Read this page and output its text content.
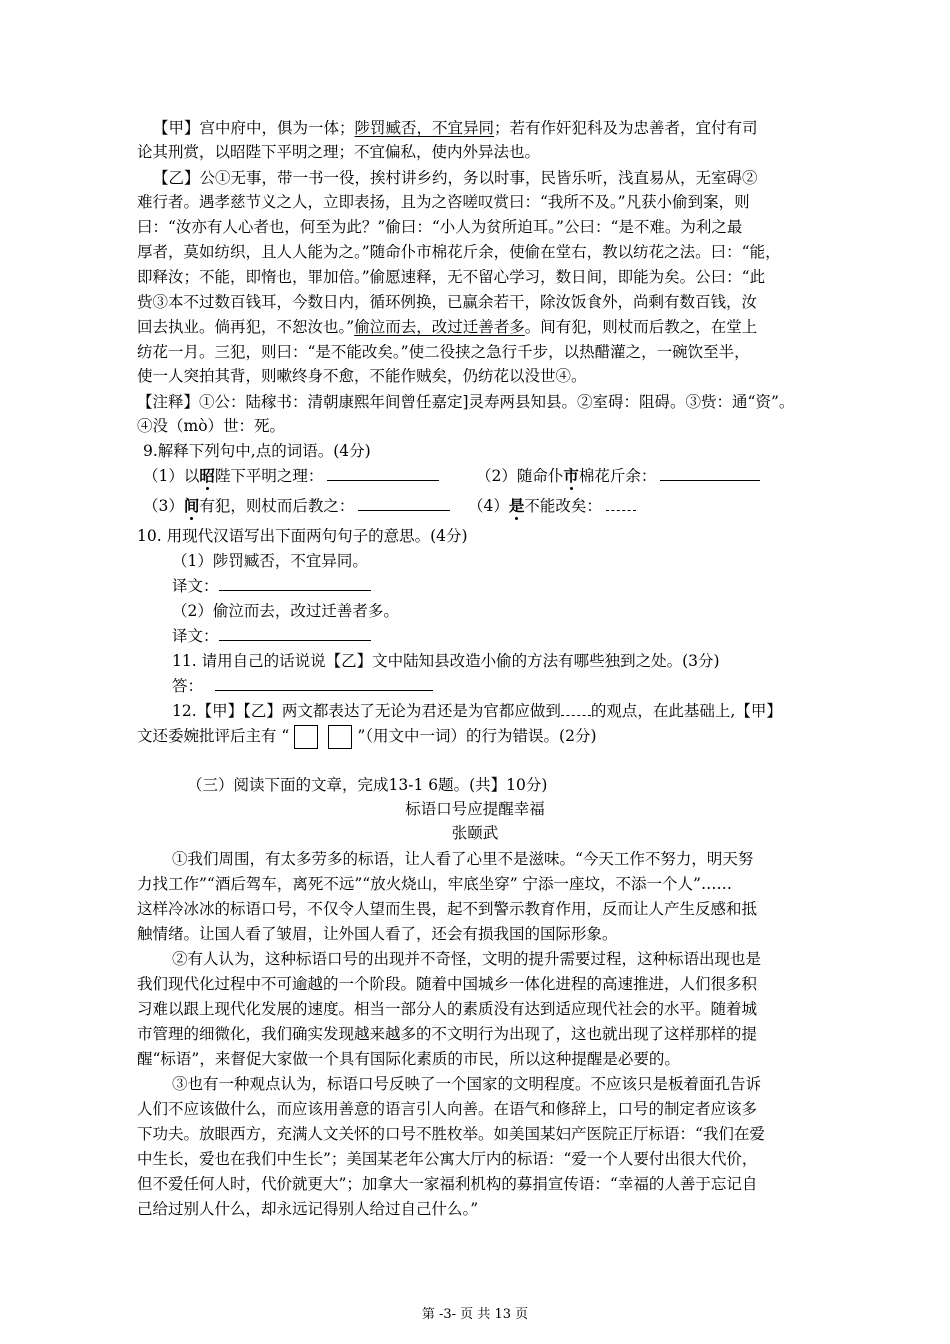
【甲】宫中府中，俱为一体；陟罚臧否，不宜异同；若有作奸犯科及为忠善者，宜付有司
论其刑赏，以昭陛下平明之理；不宜偏私，使内外异法也。
【乙】公①无事，带一书一役，挨村讲乡约，务以时事，民皆乐听，浅直易从，无室碍②
难行者。遇孝慈节义之人，立即表扬，且为之咨嗟叹赏曰：“我所不及。”凡获小偷到案，则
曰：“汝亦有人心者也，何至为此？”偷曰：“小人为贫所迫耳。”公曰：“是不难。为利之最
厚者，莫如纺织，且人人能为之。”随命仆市棉花斤余，使偷在堂右，教以纺花之法。曰：“能，
即释汝；不能，即惰也，罪加倍。”偷愿速释，无不留心学习，数日间，即能为矣。公曰：“此
赀③本不过数百钱耳，今数日内，循环例换，已赢余若干，除汝饭食外，尚剩有数百钱，汝
回去执业。倘再犯，不恕汝也。”偷泣而去，改过迁善者多。间有犯，则杖而后教之，在堂上
纺花一月。三犯，则曰：“是不能改矣。”使二役挟之急行千步，以热醋灌之，一碗饮至半，
使一人突拍其背，则嗽终身不愈，不能作贼矣，仍纺花以没世④。
【注释】①公：陆稼书：清朝康熙年间曾任嘉定]灵寿两县知县。②室碍：阻碍。③赀：通“资”。
④没（mò）世：死。
9.解释下列句中,点的词语。(4分)
（1）以昭陛下平明之理：	（2）随命仆市棉花斤余：
（3）间有犯，则杖而后教之：	（4）是不能改矣：
10. 用现代汉语写出下面两句句子的意思。(4分)
（1）陟罚臧否，不宜异同。
译文：
（2）偷泣而去，改过迁善者多。
译文：
11. 请用自己的话说说【乙】文中陆知县改造小偷的方法有哪些独到之处。(3分)
答：
12.【甲】【乙】两文都表达了无论为君还是为官都应做到 的观点，在此基础上,【甲】
文还委婉批评后主有 “	”（用文中一词）的行为错误。(2分)
（三）阅读下面的文章，完成13-1 6题。(共】10分)
标语口号应提醒幸福
张颐武
①我们周围，有太多劳多的标语，让人看了心里不是滋味。“今天工作不努力，明天努
力找工作”“酒后驾车，离死不远”“放火烧山，牢底坐穿” 宁添一座坟，不添一个人”……
这样冷冰冰的标语口号，不仅令人望而生畏，起不到警示教育作用，反而让人产生反感和抵
触情绪。让国人看了皱眉，让外国人看了，还会有损我国的国际形象。
②有人认为，这种标语口号的出现并不奇怪，文明的提升需要过程，这种标语出现也是
我们现代化过程中不可逾越的一个阶段。随着中国城乡一体化进程的高速推进，人们很多积
习难以跟上现代化发展的速度。相当一部分人的素质没有达到适应现代社会的水平。随着城
市管理的细微化，我们确实发现越来越多的不文明行为出现了，这也就出现了这样那样的提
醒“标语”，来督促大家做一个具有国际化素质的市民，所以这种提醒是必要的。
③也有一种观点认为，标语口号反映了一个国家的文明程度。不应该只是板着面孔告诉
人们不应该做什么，而应该用善意的语言引人向善。在语气和修辞上，口号的制定者应该多
下功夫。放眼西方，充满人文关怀的口号不胜枚举。如美国某妇产医院正厅标语：“我们在爱
中生长，爱也在我们中生长”；美国某老年公寓大厅内的标语：“爱一个人要付出很大代价，
但不爱任何人时，代价就更大”；加拿大一家福利机构的募捐宣传语：“幸福的人善于忘记自
己给过别人什么，却永远记得别人给过自己什么。”
第 -3- 页 共 13 页
